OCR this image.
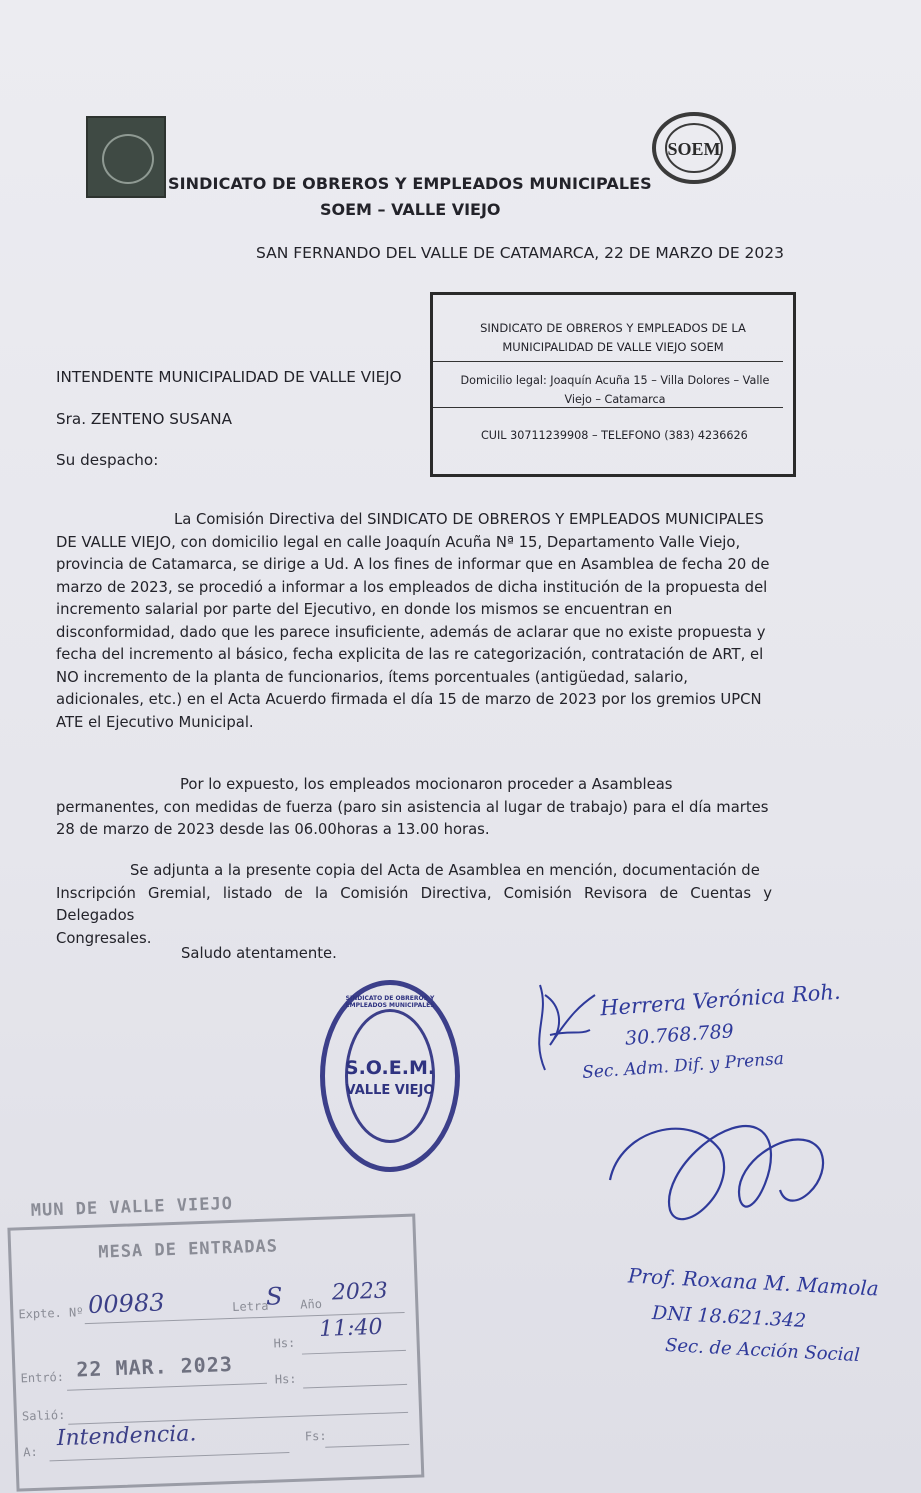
SOEM
SINDICATO DE OBREROS Y EMPLEADOS MUNICIPALES
SOEM – VALLE VIEJO
SAN FERNANDO DEL VALLE DE CATAMARCA, 22 DE MARZO DE 2023
SINDICATO DE OBREROS Y EMPLEADOS DE LA
MUNICIPALIDAD DE VALLE VIEJO SOEM
Domicilio legal: Joaquín Acuña 15 – Villa Dolores – Valle
Viejo – Catamarca
CUIL 30711239908 – TELEFONO (383) 4236626
INTENDENTE MUNICIPALIDAD DE VALLE VIEJO
Sra. ZENTENO SUSANA
Su despacho:
La Comisión Directiva del SINDICATO DE OBREROS Y EMPLEADOS MUNICIPALES
DE VALLE VIEJO, con domicilio legal en calle Joaquín Acuña Nª 15, Departamento Valle Viejo,
provincia de Catamarca, se dirige a Ud. A los fines de informar que en Asamblea de fecha 20 de
marzo de 2023, se procedió a informar a los empleados de dicha institución de la propuesta del
incremento salarial por parte del Ejecutivo, en donde los mismos se encuentran en
disconformidad, dado que les parece insuficiente, además de aclarar que no existe propuesta y
fecha del incremento al básico, fecha explicita de las re categorización, contratación de ART, el
NO incremento de la planta de funcionarios, ítems porcentuales (antigüedad, salario,
adicionales, etc.) en el Acta Acuerdo firmada el día 15 de marzo de 2023 por los gremios UPCN
ATE el Ejecutivo Municipal.
Por lo expuesto, los empleados mocionaron proceder a Asambleas
permanentes, con medidas de fuerza (paro sin asistencia al lugar de trabajo) para el día martes
28 de marzo de 2023 desde las 06.00horas a 13.00 horas.
Se adjunta a la presente copia del Acta de Asamblea en mención, documentación de
Inscripción Gremial, listado de la Comisión Directiva, Comisión Revisora de Cuentas y Delegados
Congresales.
Saludo atentamente.
SINDICATO DE OBREROS Y EMPLEADOS MUNICIPALES
S.O.E.M.
VALLE VIEJO
Herrera Verónica Roh.
30.768.789
Sec. Adm. Dif. y Prensa
Prof. Roxana M. Mamola
DNI 18.621.342
Sec. de Acción Social
MUN DE VALLE VIEJO
MESA DE ENTRADAS
Expte. Nº 00983	Letra
S Año 2023
Hs:
11:40
Entró: 22 MAR. 2023	Hs:
Salió:
A:
Intendencia.	Fs:
